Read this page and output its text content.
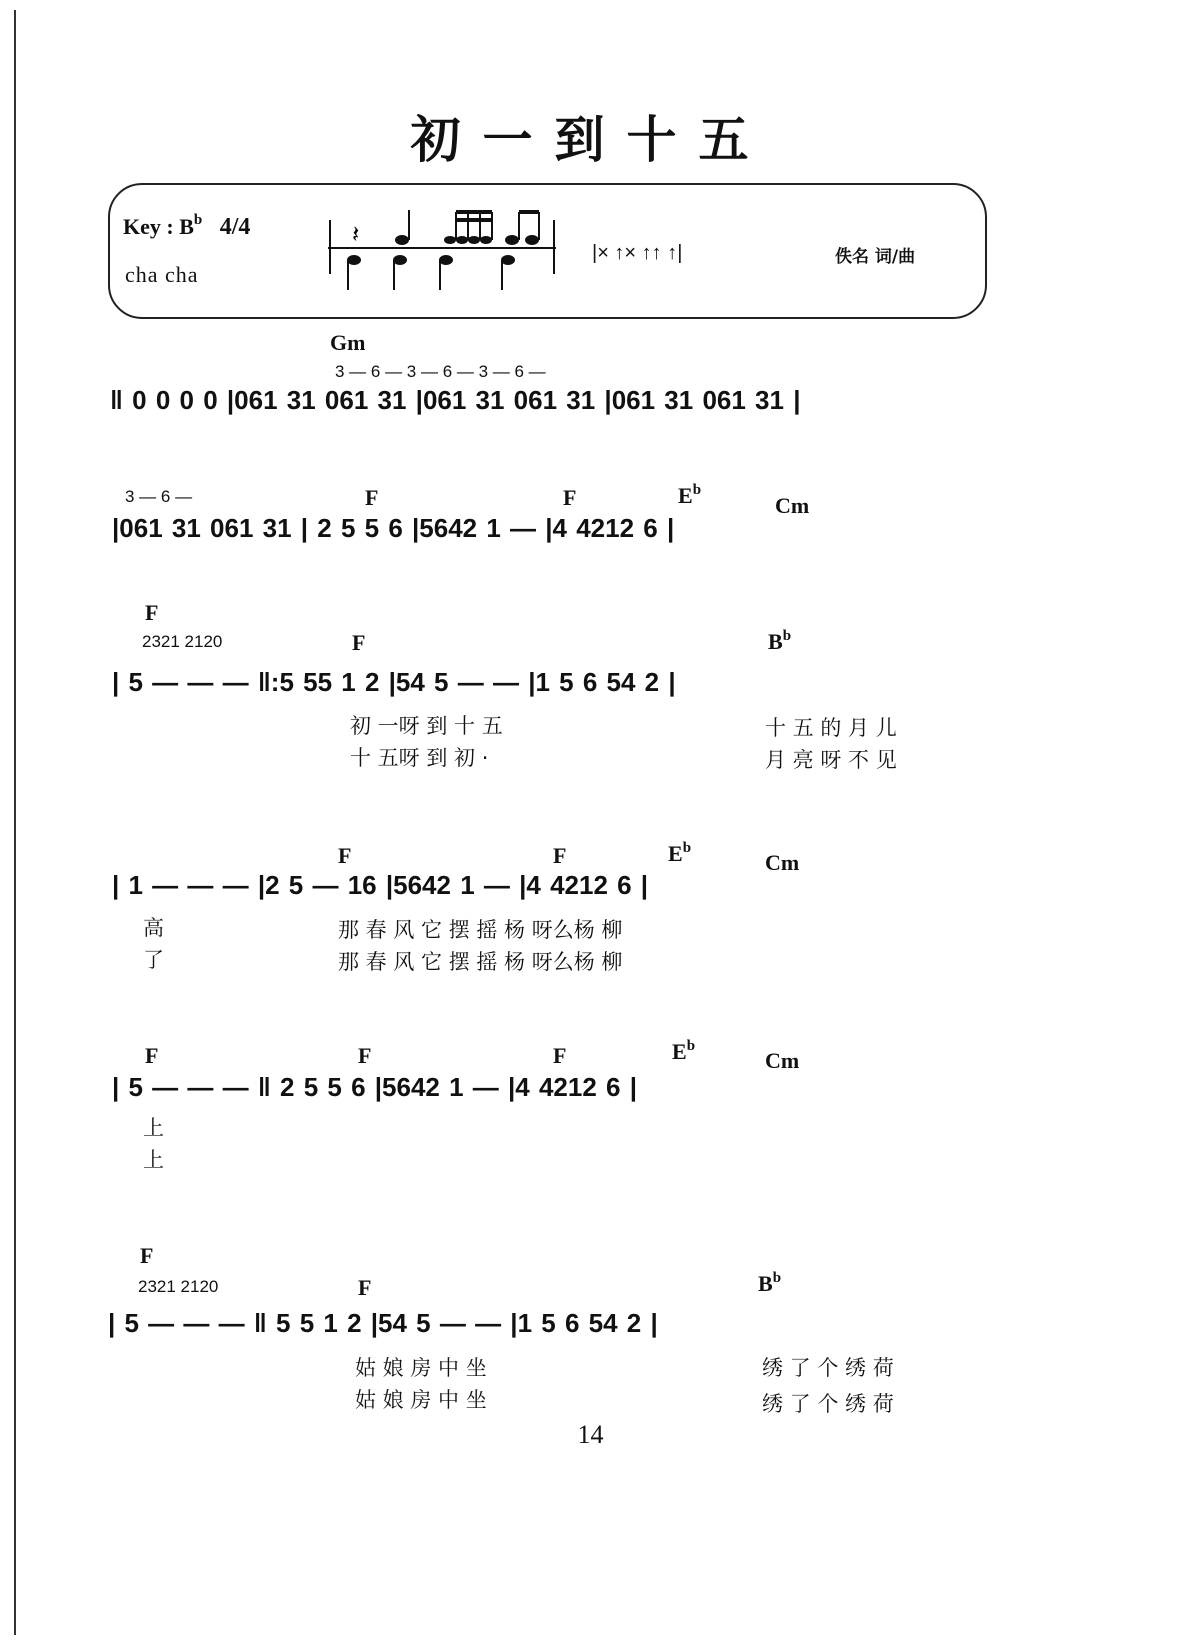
初一到十五
Key : $B^b$ 4/4
cha cha
𝄽
|× ↑× ↑↑ ↑|	佚名 词/曲
Gm
3 — 6 — 3 — 6 — 3 — 6 —
‖ 0 0 0 0 |061 31 061 31 |061 31 061 31 |061 31 061 31 |
3 — 6 —	F	F	$E^b$
Cm
|061 31 061 31 | 2 5 5 6 |5642 1 — |4 4212 6 |
F
2321 2120	F	$B^b$
| 5 — — — ‖:5 55 1 2 |54 5 — — |1 5 6 54 2 |
初 一呀 到 十 五
十 五呀 到 初 ·
十 五 的 月 儿
月 亮 呀 不 见
F	F	$E^b$
Cm
| 1 — — — |2 5 — 16 |5642 1 — |4 4212 6 |
高
了
那 春 风 它 摆 摇 杨 呀么杨 柳
那 春 风 它 摆 摇 杨 呀么杨 柳
F	F	F	$E^b$
Cm
| 5 — — — ‖ 2 5 5 6 |5642 1 — |4 4212 6 |
上
上
F
2321 2120	F	$B^b$
| 5 — — — ‖ 5 5 1 2 |54 5 — — |1 5 6 54 2 |
姑 娘 房 中 坐
姑 娘 房 中 坐
绣 了 个 绣 荷
绣 了 个 绣 荷
14
